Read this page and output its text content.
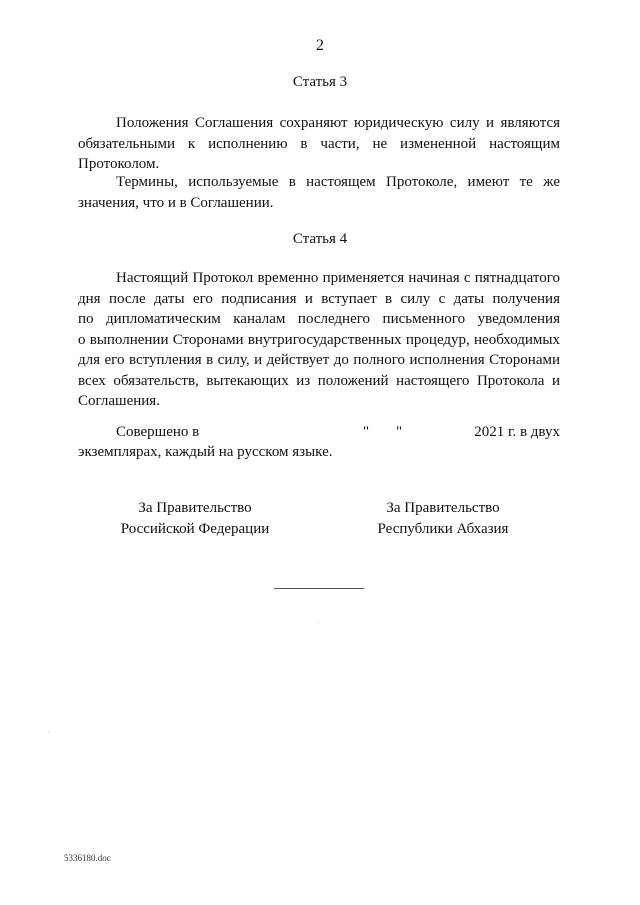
2
Статья 3
Положения Соглашения сохраняют юридическую силу и являются
обязательными к исполнению в части, не измененной настоящим
Протоколом.
Термины, используемые в настоящем Протоколе, имеют те же
значения, что и в Соглашении.
Статья 4
Настоящий Протокол временно применяется начиная с пятнадцатого
дня после даты его подписания и вступает в силу с даты получения
по дипломатическим каналам последнего письменного уведомления
о выполнении Сторонами внутригосударственных процедур, необходимых
для его вступления в силу, и действует до полного исполнения Сторонами
всех обязательств, вытекающих из положений настоящего Протокола и
Соглашения.
Совершено в	" "	2021 г. в двух
экземплярах, каждый на русском языке.
За Правительство
Российской Федерации
За Правительство
Республики Абхазия
5336180.doc
